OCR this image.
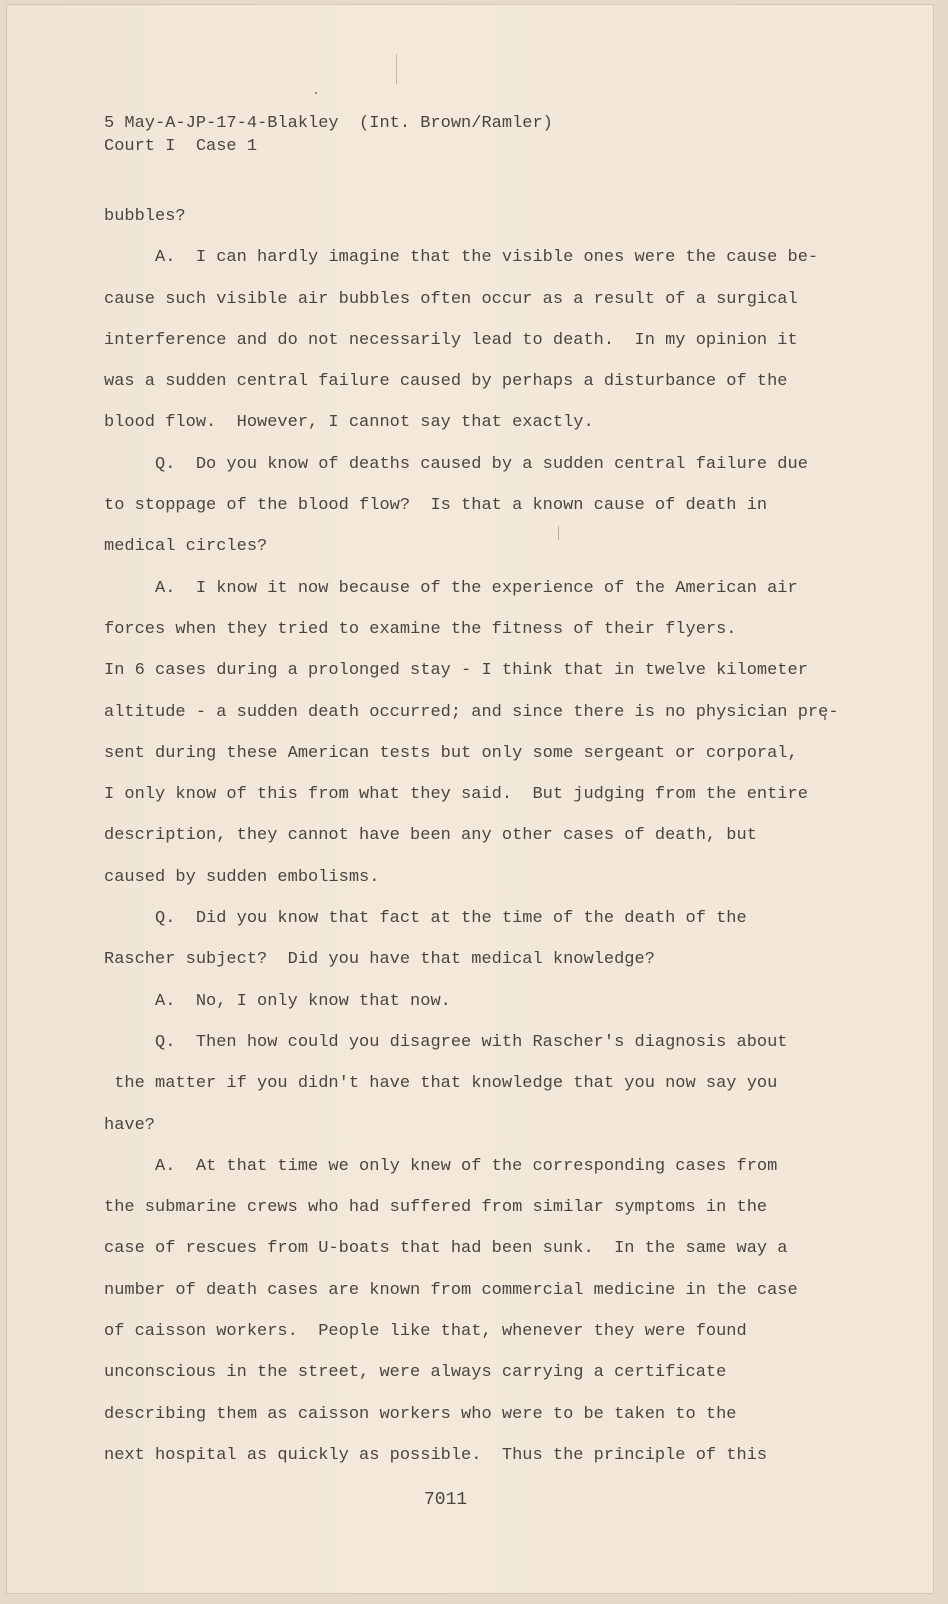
5 May-A-JP-17-4-Blakley  (Int. Brown/Ramler)
Court I  Case 1
bubbles?
A.  I can hardly imagine that the visible ones were the cause be-
cause such visible air bubbles often occur as a result of a surgical
interference and do not necessarily lead to death.  In my opinion it
was a sudden central failure caused by perhaps a disturbance of the
blood flow.  However, I cannot say that exactly.
Q.  Do you know of deaths caused by a sudden central failure due
to stoppage of the blood flow?  Is that a known cause of death in
medical circles?
A.  I know it now because of the experience of the American air
forces when they tried to examine the fitness of their flyers.
In 6 cases during a prolonged stay - I think that in twelve kilometer
altitude - a sudden death occurred; and since there is no physician pre-
sent during these American tests but only some sergeant or corporal,
I only know of this from what they said.  But judging from the entire
description, they cannot have been any other cases of death, but
caused by sudden embolisms.
Q.  Did you know that fact at the time of the death of the
Rascher subject?  Did you have that medical knowledge?
A.  No, I only know that now.
Q.  Then how could you disagree with Rascher's diagnosis about
the matter if you didn't have that knowledge that you now say you
have?
A.  At that time we only knew of the corresponding cases from
the submarine crews who had suffered from similar symptoms in the
case of rescues from U-boats that had been sunk.  In the same way a
number of death cases are known from commercial medicine in the case
of caisson workers.  People like that, whenever they were found
unconscious in the street, were always carrying a certificate
describing them as caisson workers who were to be taken to the
next hospital as quickly as possible.  Thus the principle of this
7011
